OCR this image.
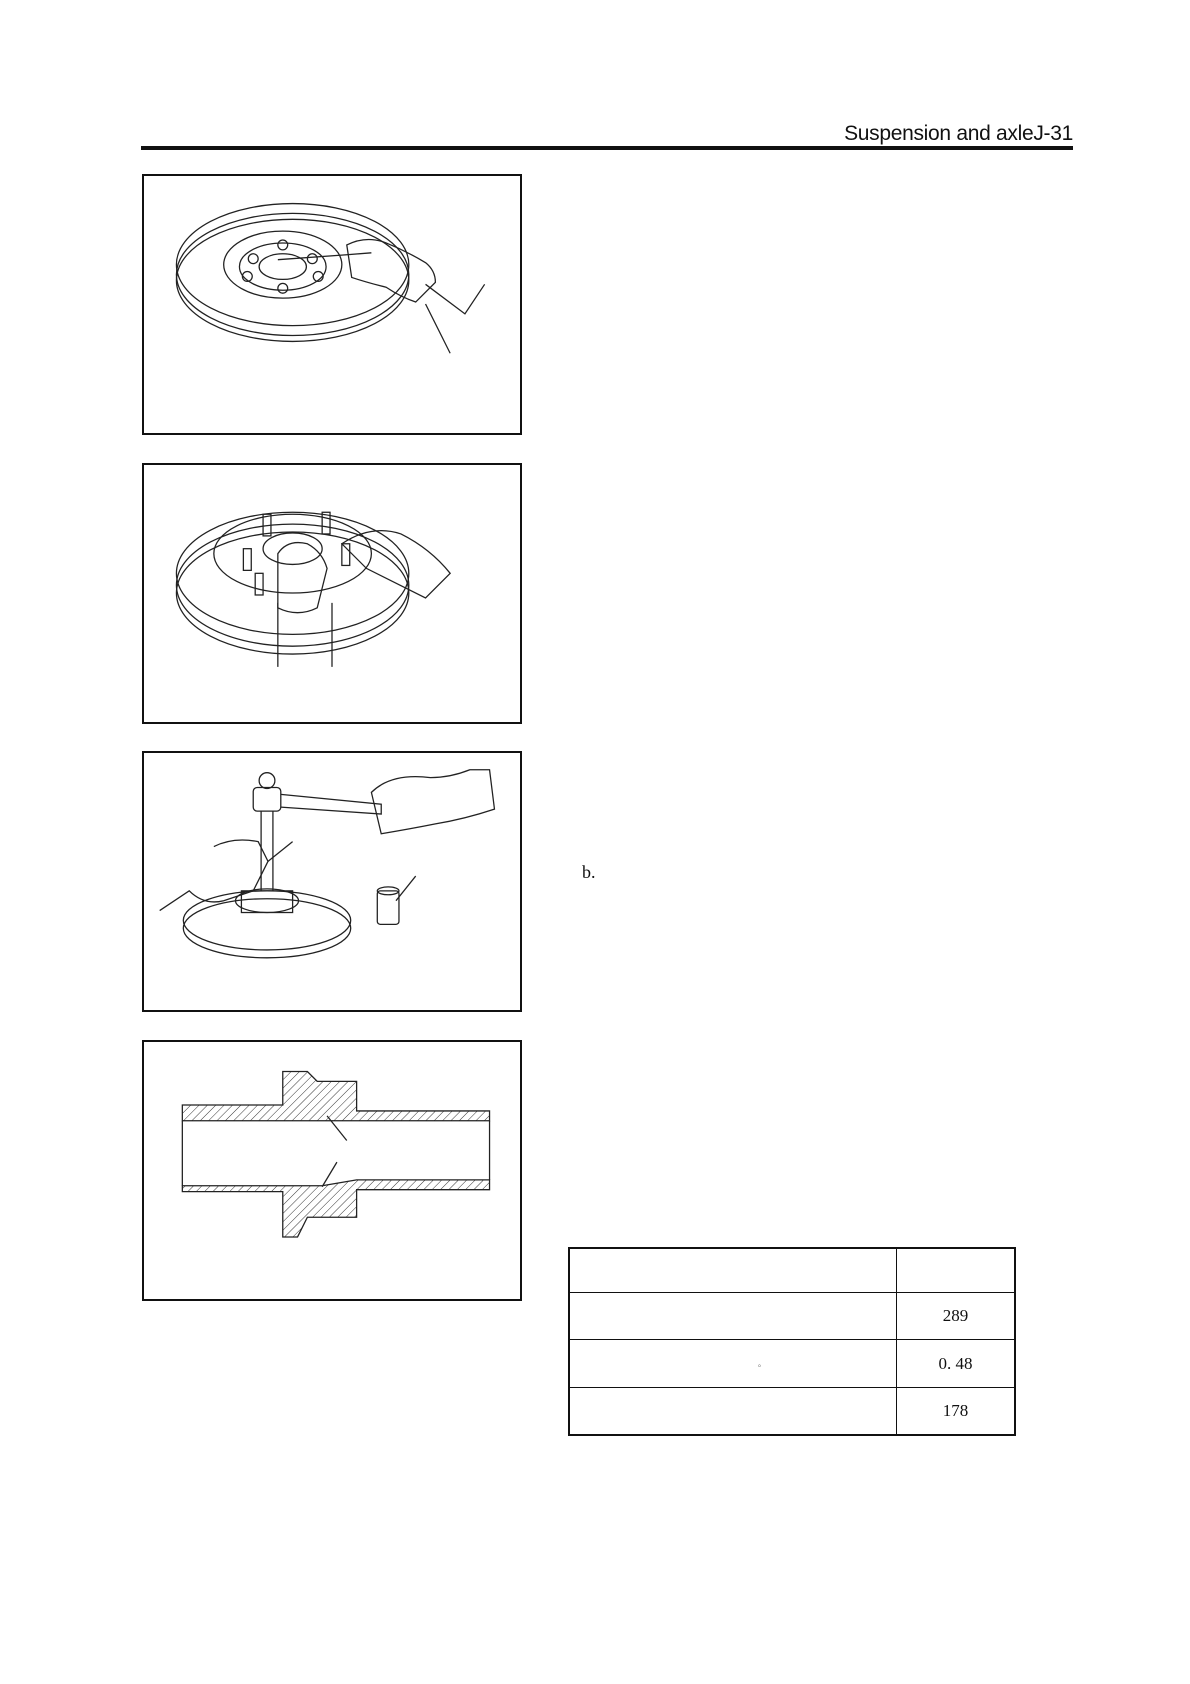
Suspension and axleJ-31
b.

	289

。	0. 48
	178
